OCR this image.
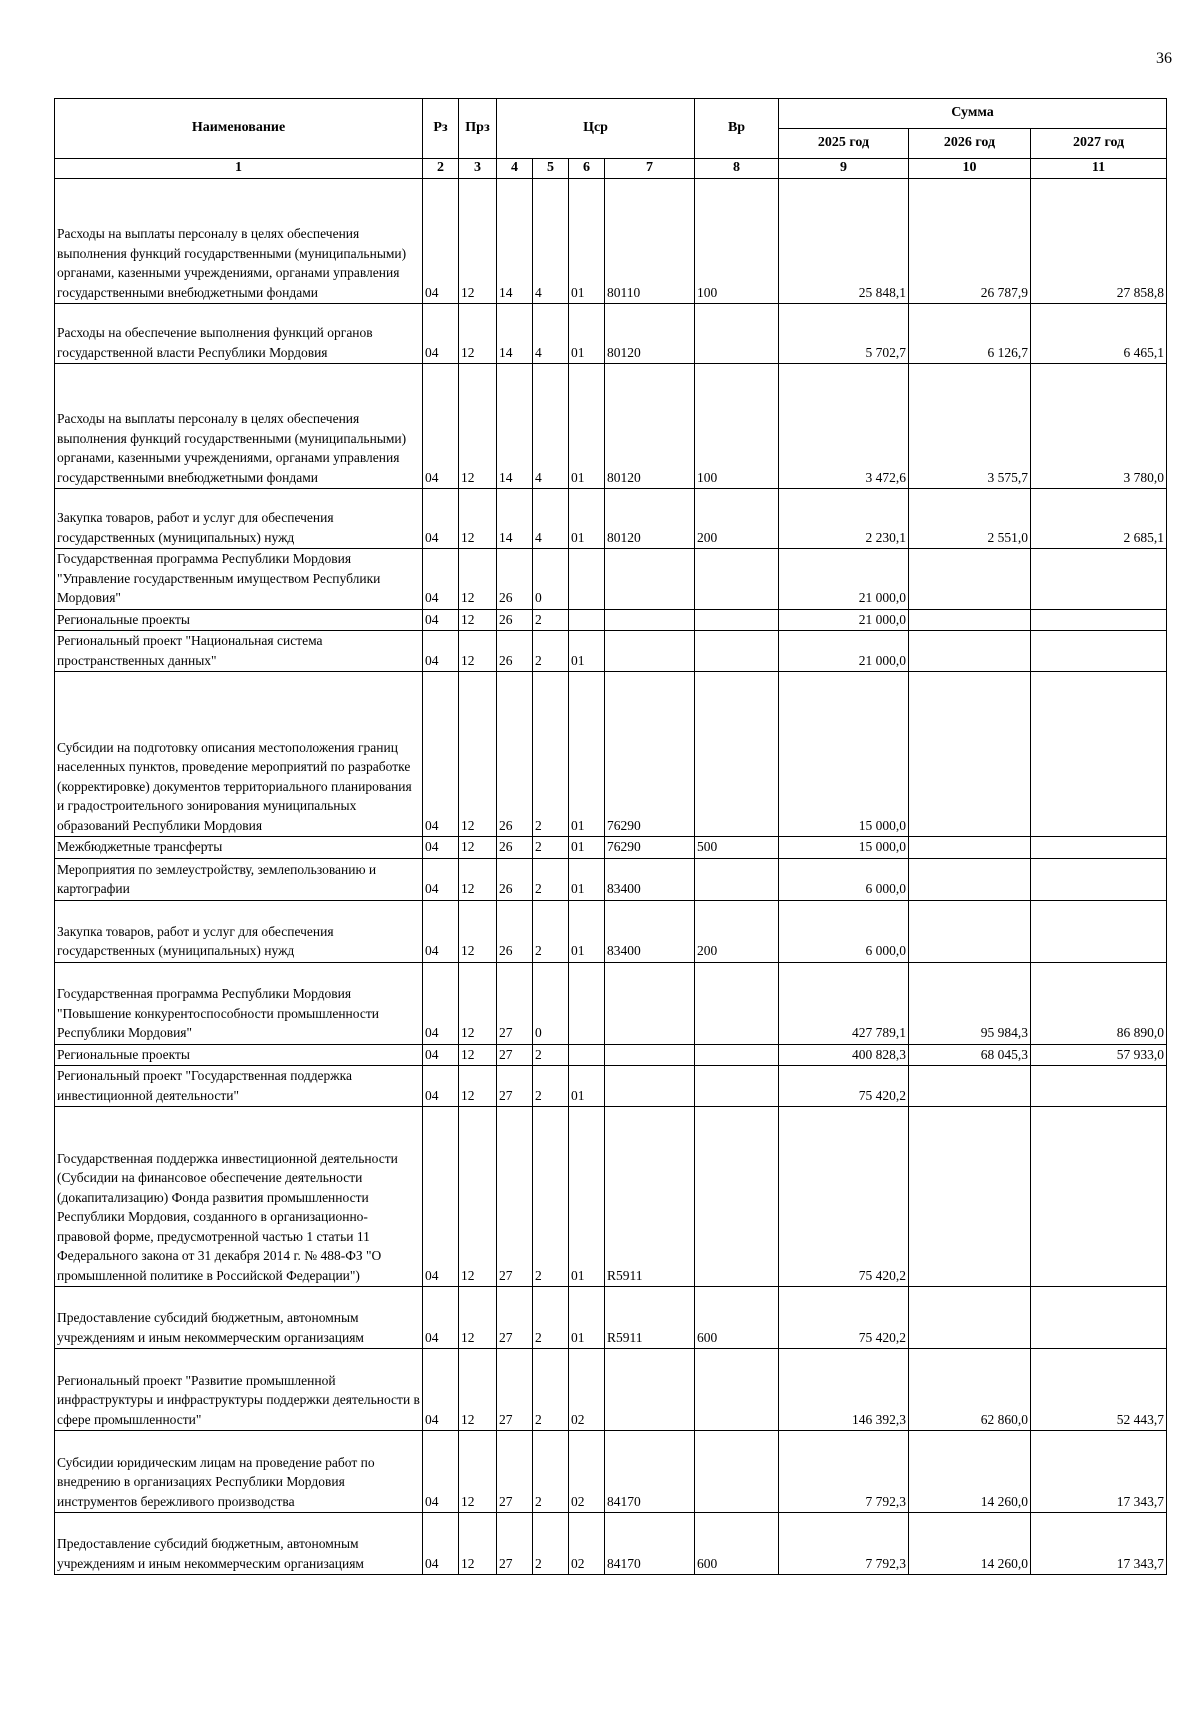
36
Наименование	Рз	Прз	Цср				Вр	Сумма		
								2025 год	2026 год	2027 год
1	2	3	4	5	6	7	8	9	10	11
Расходы на выплаты персоналу в целях обеспечения выполнения функций государственными (муниципальными) органами, казенными учреждениями, органами управления государственными внебюджетными фондами	04	12	14	4	01	80110	100	25 848,1	26 787,9	27 858,8
Расходы на обеспечение выполнения функций органов государственной власти Республики Мордовия	04	12	14	4	01	80120		5 702,7	6 126,7	6 465,1
Расходы на выплаты персоналу в целях обеспечения выполнения функций государственными (муниципальными) органами, казенными учреждениями, органами управления государственными внебюджетными фондами	04	12	14	4	01	80120	100	3 472,6	3 575,7	3 780,0
Закупка товаров, работ и услуг для обеспечения государственных (муниципальных) нужд	04	12	14	4	01	80120	200	2 230,1	2 551,0	2 685,1
Государственная программа Республики Мордовия "Управление государственным имуществом Республики Мордовия"	04	12	26	0				21 000,0		
Региональные проекты	04	12	26	2				21 000,0		
Региональный проект "Национальная система пространственных данных"	04	12	26	2	01			21 000,0		
Субсидии на подготовку описания местоположения границ населенных пунктов, проведение мероприятий по разработке (корректировке) документов территориального планирования и градостроительного зонирования муниципальных образований Республики Мордовия	04	12	26	2	01	76290		15 000,0		
Межбюджетные трансферты	04	12	26	2	01	76290	500	15 000,0		
Мероприятия по землеустройству, землепользованию и картографии	04	12	26	2	01	83400		6 000,0		
Закупка товаров, работ и услуг для обеспечения государственных (муниципальных) нужд	04	12	26	2	01	83400	200	6 000,0		
Государственная программа Республики Мордовия "Повышение конкурентоспособности промышленности Республики Мордовия"	04	12	27	0				427 789,1	95 984,3	86 890,0
Региональные проекты	04	12	27	2				400 828,3	68 045,3	57 933,0
Региональный проект "Государственная поддержка инвестиционной деятельности"	04	12	27	2	01			75 420,2		
Государственная поддержка инвестиционной деятельности (Субсидии на финансовое обеспечение деятельности (докапитализацию) Фонда развития промышленности Республики Мордовия, созданного в организационно-правовой форме, предусмотренной частью 1 статьи 11 Федерального закона от 31 декабря 2014 г. № 488-ФЗ "О промышленной политике в Российской Федерации")	04	12	27	2	01	R5911		75 420,2		
Предоставление субсидий бюджетным, автономным учреждениям и иным некоммерческим организациям	04	12	27	2	01	R5911	600	75 420,2		
Региональный проект "Развитие промышленной инфраструктуры и инфраструктуры поддержки деятельности в сфере промышленности"	04	12	27	2	02			146 392,3	62 860,0	52 443,7
Субсидии юридическим лицам на проведение работ по внедрению в организациях Республики Мордовия инструментов бережливого производства	04	12	27	2	02	84170		7 792,3	14 260,0	17 343,7
Предоставление субсидий бюджетным, автономным учреждениям и иным некоммерческим организациям	04	12	27	2	02	84170	600	7 792,3	14 260,0	17 343,7
